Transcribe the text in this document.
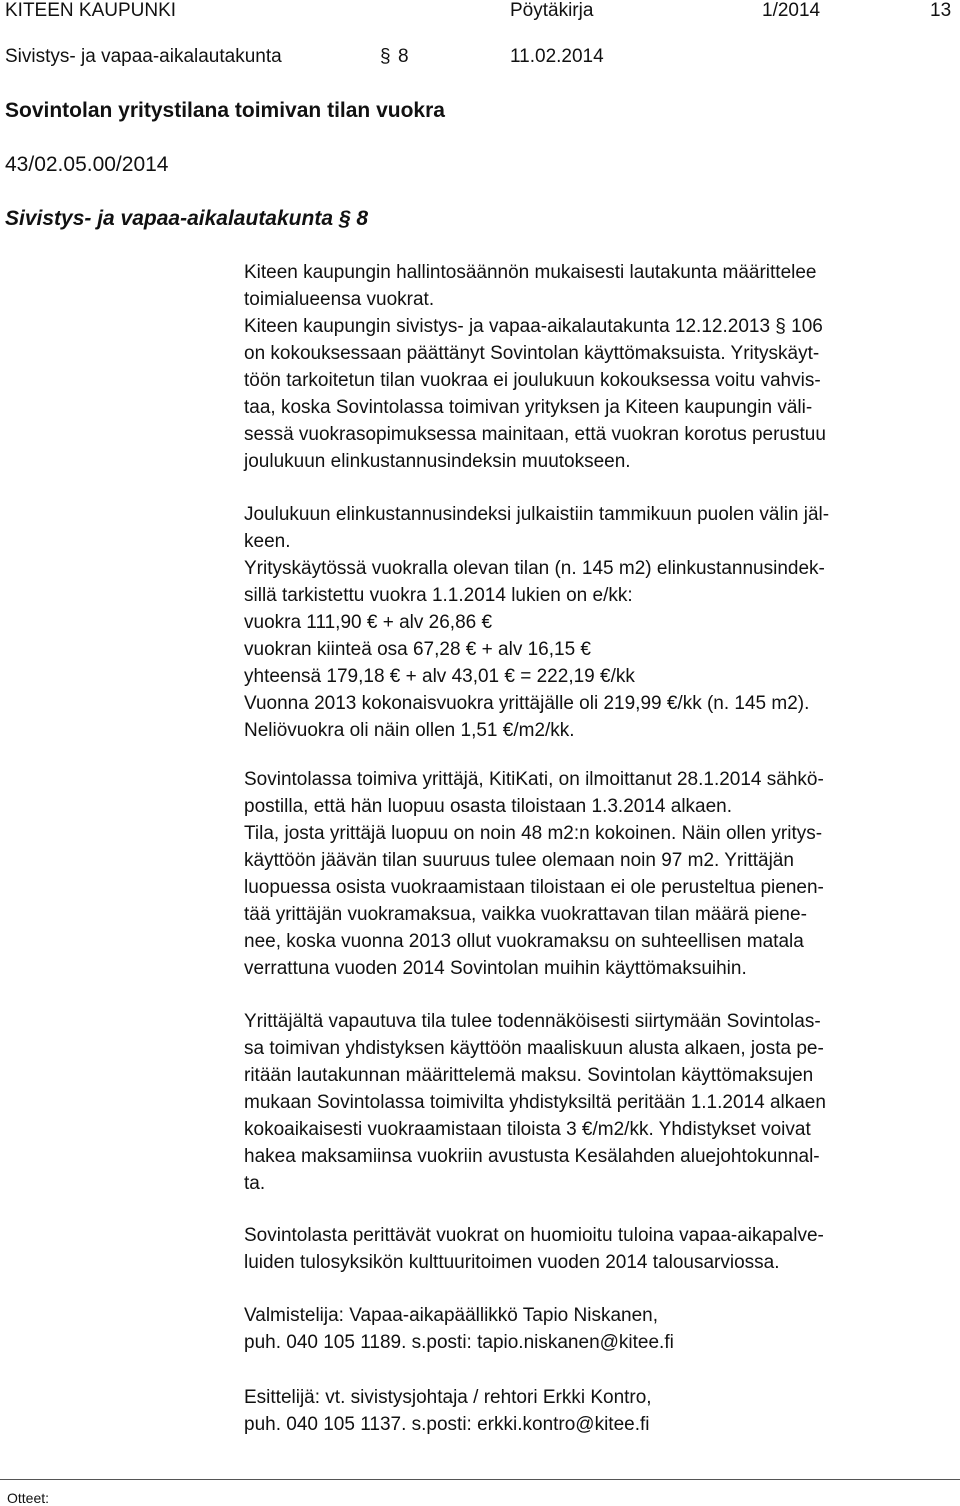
KITEEN KAUPUNKI	Pöytäkirja	1/2014	13
Sivistys- ja vapaa-aikalautakunta	§ 8	11.02.2014
Sovintolan yritystilana toimivan tilan vuokra
43/02.05.00/2014
Sivistys- ja vapaa-aikalautakunta § 8
Kiteen kaupungin hallintosäännön mukaisesti lautakunta määrittelee
toimialueensa vuokrat.
Kiteen kaupungin sivistys- ja vapaa-aikalautakunta 12.12.2013 § 106
on kokouksessaan päättänyt Sovintolan käyttömaksuista. Yrityskäyt-
töön tarkoitetun tilan vuokraa ei joulukuun kokouksessa voitu vahvis-
taa, koska Sovintolassa toimivan yrityksen ja Kiteen kaupungin väli-
sessä vuokrasopimuksessa mainitaan, että vuokran korotus perustuu
joulukuun elinkustannusindeksin muutokseen.
Joulukuun elinkustannusindeksi julkaistiin tammikuun puolen välin jäl-
keen.
Yrityskäytössä vuokralla olevan tilan (n. 145 m2) elinkustannusindek-
sillä tarkistettu vuokra 1.1.2014 lukien on e/kk:
vuokra 111,90 € + alv 26,86 €
vuokran kiinteä osa 67,28 € + alv 16,15 €
yhteensä 179,18 € + alv 43,01 € = 222,19 €/kk
Vuonna 2013 kokonaisvuokra yrittäjälle oli 219,99 €/kk (n. 145 m2).
Neliövuokra oli näin ollen 1,51 €/m2/kk.
Sovintolassa toimiva yrittäjä, KitiKati, on ilmoittanut 28.1.2014 sähkö-
postilla, että hän luopuu osasta tiloistaan 1.3.2014 alkaen.
Tila, josta yrittäjä luopuu on noin 48 m2:n kokoinen. Näin ollen yritys-
käyttöön jäävän tilan suuruus tulee olemaan noin 97 m2. Yrittäjän
luopuessa osista vuokraamistaan tiloistaan ei ole perusteltua pienen-
tää yrittäjän vuokramaksua, vaikka vuokrattavan tilan määrä piene-
nee, koska vuonna 2013 ollut vuokramaksu on suhteellisen matala
verrattuna vuoden 2014 Sovintolan muihin käyttömaksuihin.
Yrittäjältä vapautuva tila tulee todennäköisesti siirtymään Sovintolas-
sa toimivan yhdistyksen käyttöön maaliskuun alusta alkaen, josta pe-
ritään lautakunnan määrittelemä maksu. Sovintolan käyttömaksujen
mukaan Sovintolassa toimivilta yhdistyksiltä peritään 1.1.2014 alkaen
kokoaikaisesti vuokraamistaan tiloista 3 €/m2/kk. Yhdistykset voivat
hakea maksamiinsa vuokriin avustusta Kesälahden aluejohtokunnal-
ta.
Sovintolasta perittävät vuokrat on huomioitu tuloina vapaa-aikapalve-
luiden tulosyksikön kulttuuritoimen vuoden 2014 talousarviossa.
Valmistelija: Vapaa-aikapäällikkö Tapio Niskanen,
puh. 040 105 1189. s.posti: tapio.niskanen@kitee.fi
Esittelijä: vt. sivistysjohtaja / rehtori Erkki Kontro,
puh. 040 105 1137. s.posti: erkki.kontro@kitee.fi
Otteet:
